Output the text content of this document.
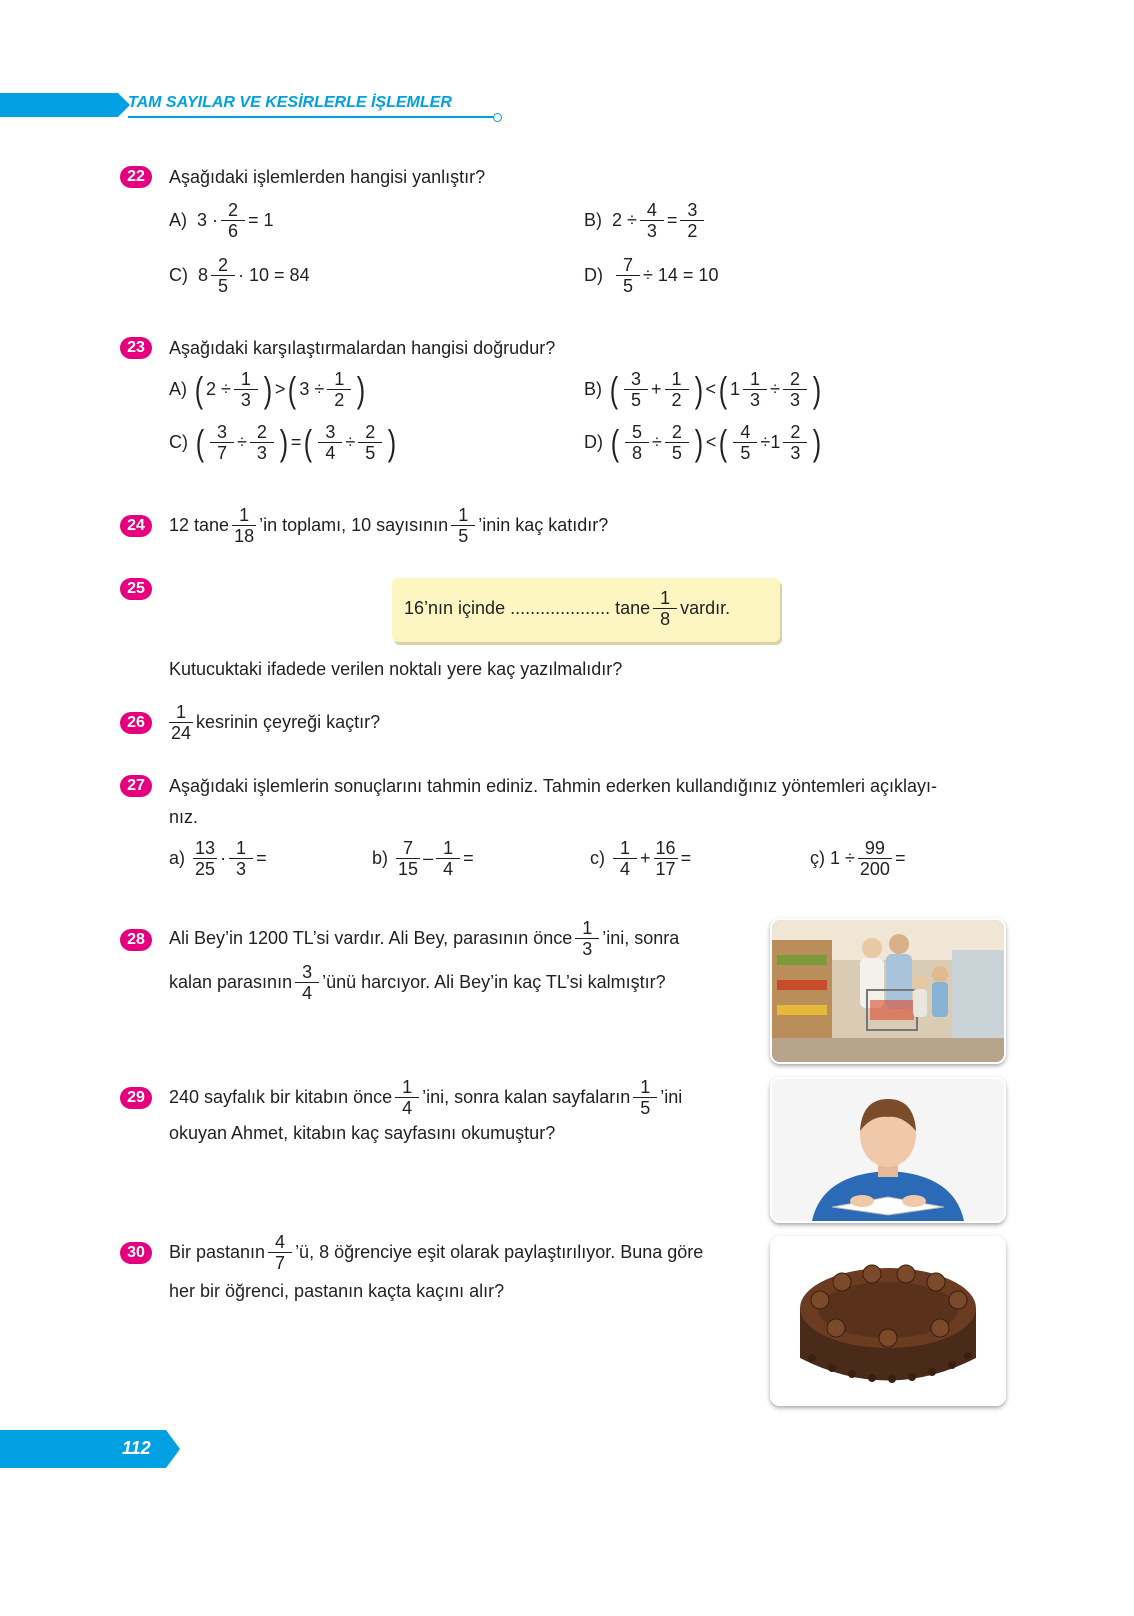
TAM SAYILAR VE KESİRLERLE İŞLEMLER
22	Aşağıdaki işlemlerden hangisi yanlıştır?
A)
$3 \cdot \frac{2}{6} = 1$	B)
$2 \div \frac{4}{3} = \frac{3}{2}$
C)
$8 \frac{2}{5} \cdot 10 = 84$	D)
$\frac{7}{5} \div 14 = 10$
23	Aşağıdaki karşılaştırmalardan hangisi doğrudur?
A)
( $2 \div \frac{1}{3}$ ) > ( $3 \div \frac{1}{2}$ )	B)
( $\frac{3}{5} + \frac{1}{2}$ ) < ( $1 \frac{1}{3} \div \frac{2}{3}$ )
C)
( $\frac{3}{7} \div \frac{2}{3}$ ) = ( $\frac{3}{4} \div \frac{2}{5}$ )	D)
( $\frac{5}{8} \div \frac{2}{5}$ ) < ( $\frac{4}{5} \div 1 \frac{2}{3}$ )
24	12 tane $\frac{1}{18}$ ’in toplamı, 10 sayısının $\frac{1}{5}$ ’inin kaç katıdır?
25
16’nın içinde .................... tane $\frac{1}{8}$ vardır.
Kutucuktaki ifadede verilen noktalı yere kaç yazılmalıdır?
26	$\frac{1}{24}$ kesrinin çeyreği kaçtır?
27	Aşağıdaki işlemlerin sonuçlarını tahmin ediniz. Tahmin ederken kullandığınız yöntemleri açıklayı-
nız.
a)
$\frac{13}{25} \cdot \frac{1}{3}$ =	b)
$\frac{7}{15} - \frac{1}{4}$ =	c)
$\frac{1}{4} + \frac{16}{17}$ =	ç)
$1 \div \frac{99}{200}$ =
28	Ali Bey’in 1200 TL’si vardır. Ali Bey, parasının önce $\frac{1}{3}$ ’ini, sonra
kalan parasının $\frac{3}{4}$ ’ünü harcıyor. Ali Bey’in kaç TL’si kalmıştır?
29	240 sayfalık bir kitabın önce $\frac{1}{4}$ ’ini, sonra kalan sayfaların $\frac{1}{5}$ ’ini
okuyan Ahmet, kitabın kaç sayfasını okumuştur?
30	Bir pastanın $\frac{4}{7}$ ’ü, 8 öğrenciye eşit olarak paylaştırılıyor. Buna göre
her bir öğrenci, pastanın kaçta kaçını alır?
112
